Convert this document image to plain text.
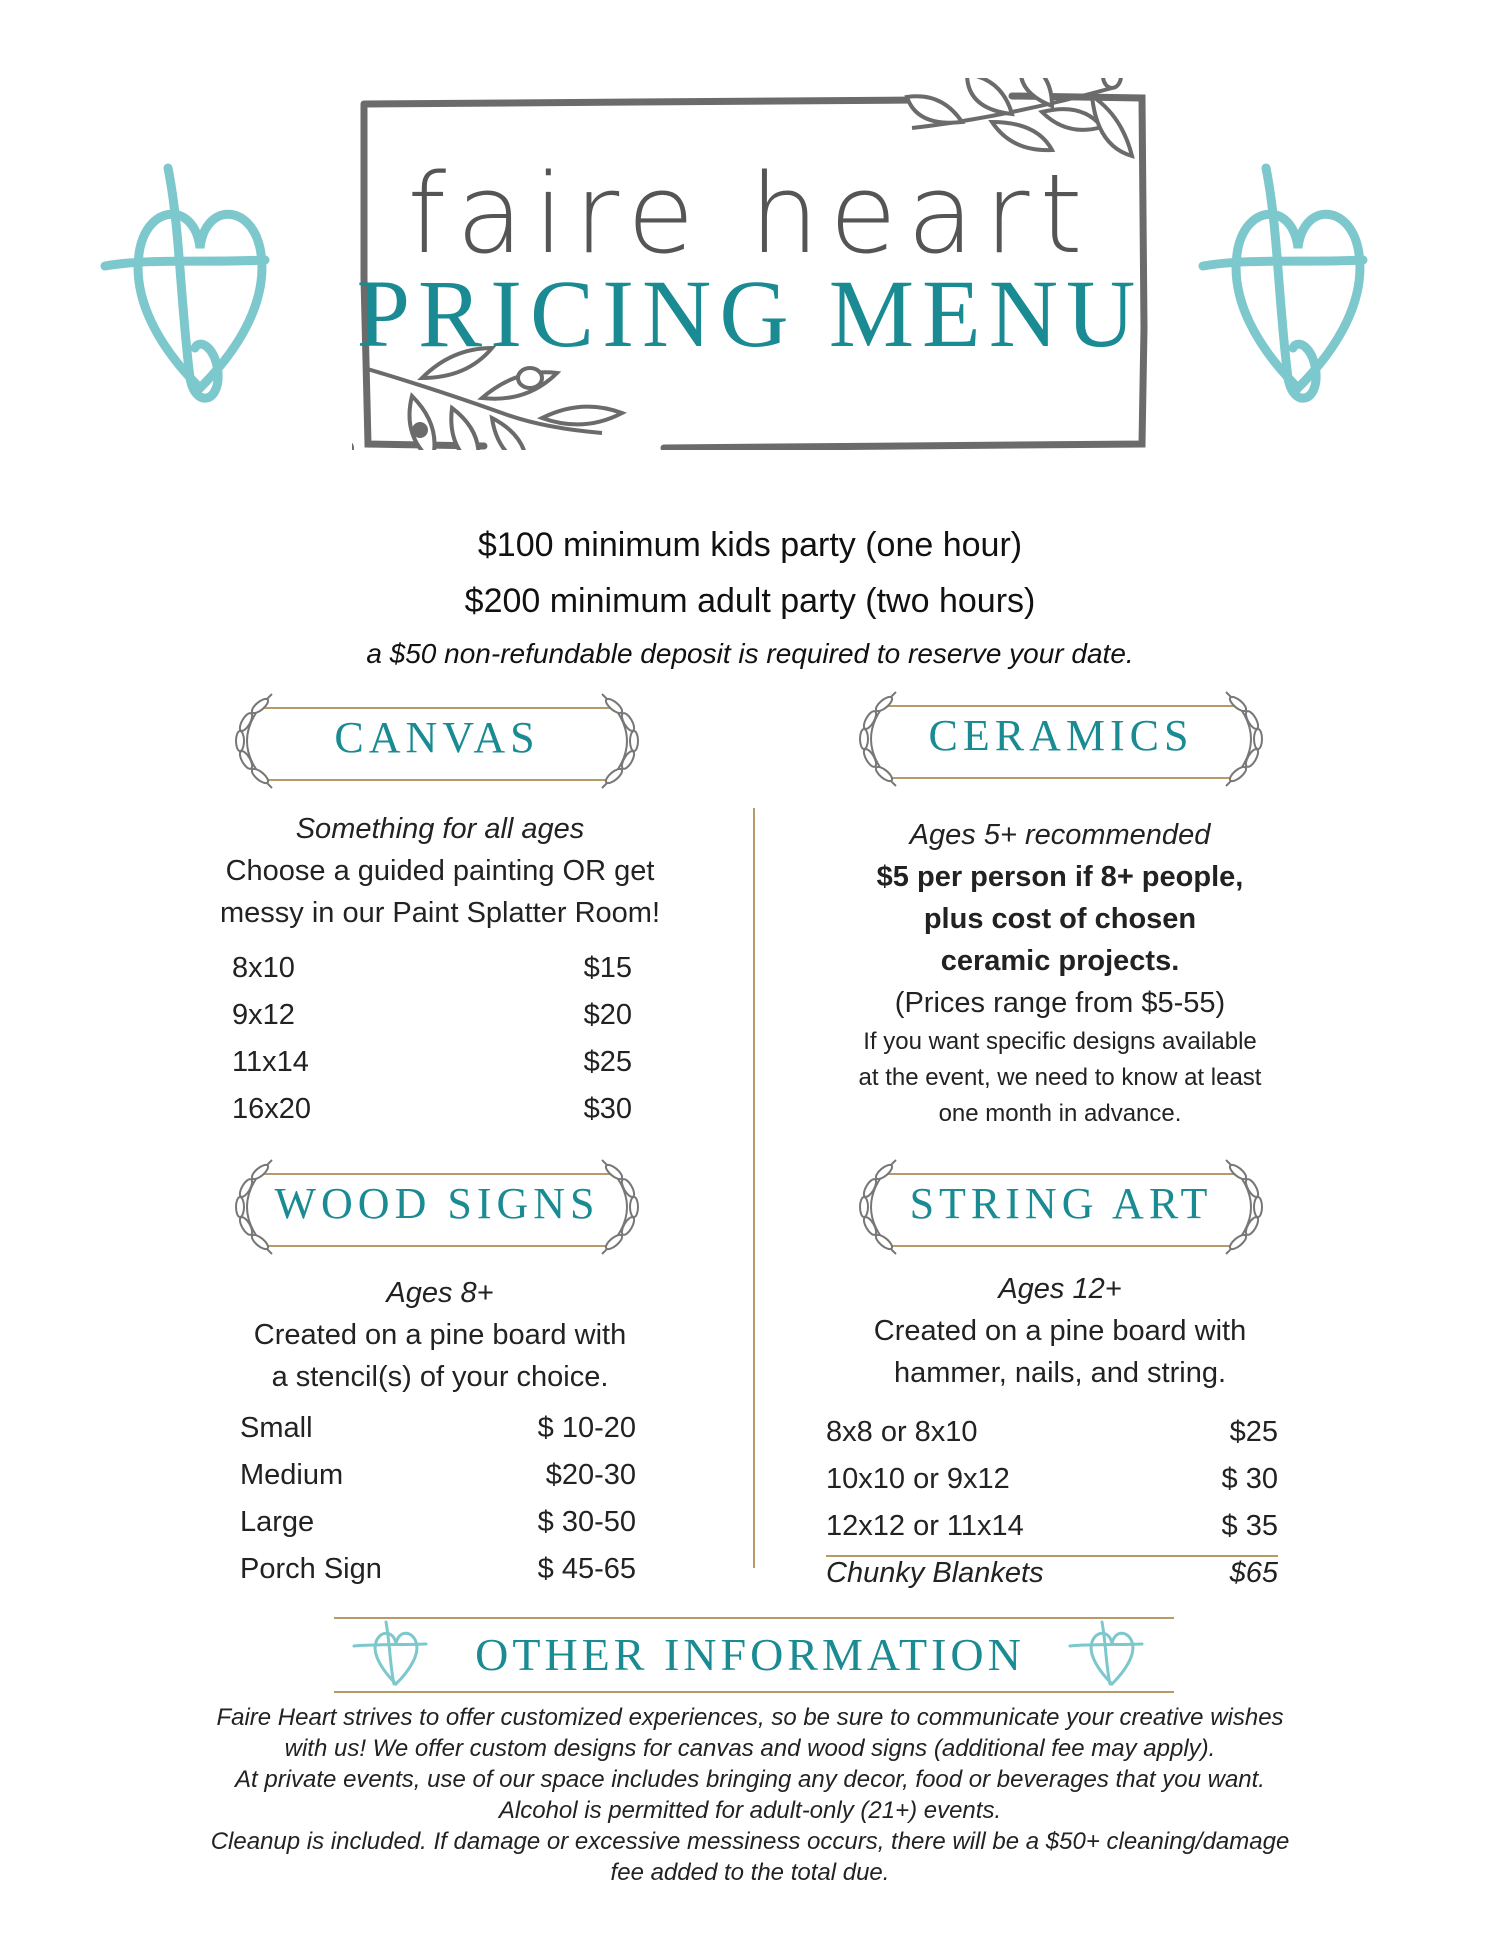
faire heart
PRICING MENU
$100 minimum kids party (one hour)
$200 minimum adult party (two hours)
a $50 non-refundable deposit is required to reserve your date.
CANVAS	CERAMICS
Something for all ages
Choose a guided painting OR get
messy in our Paint Splatter Room!
8x10	$15
9x12	$20
11x14	$25
16x20	$30
Ages 5+ recommended
$5 per person if 8+ people,
plus cost of chosen
ceramic projects.
(Prices range from $5-55)
If you want specific designs available
at the event, we need to know at least
one month in advance.
WOOD SIGNS	STRING ART
Ages 8+
Created on a pine board with
a stencil(s) of your choice.
Small	$ 10-20
Medium	$20-30
Large	$ 30-50
Porch Sign	$ 45-65
Ages 12+
Created on a pine board with
hammer, nails, and string.
8x8 or 8x10	$25
10x10 or 9x12	$ 30
12x12 or 11x14	$ 35
Chunky Blankets	$65
OTHER INFORMATION
Faire Heart strives to offer customized experiences, so be sure to communicate your creative wishes
with us! We offer custom designs for canvas and wood signs (additional fee may apply).
At private events, use of our space includes bringing any decor, food or beverages that you want.
Alcohol is permitted for adult-only (21+) events.
Cleanup is included. If damage or excessive messiness occurs, there will be a $50+ cleaning/damage
fee added to the total due.
